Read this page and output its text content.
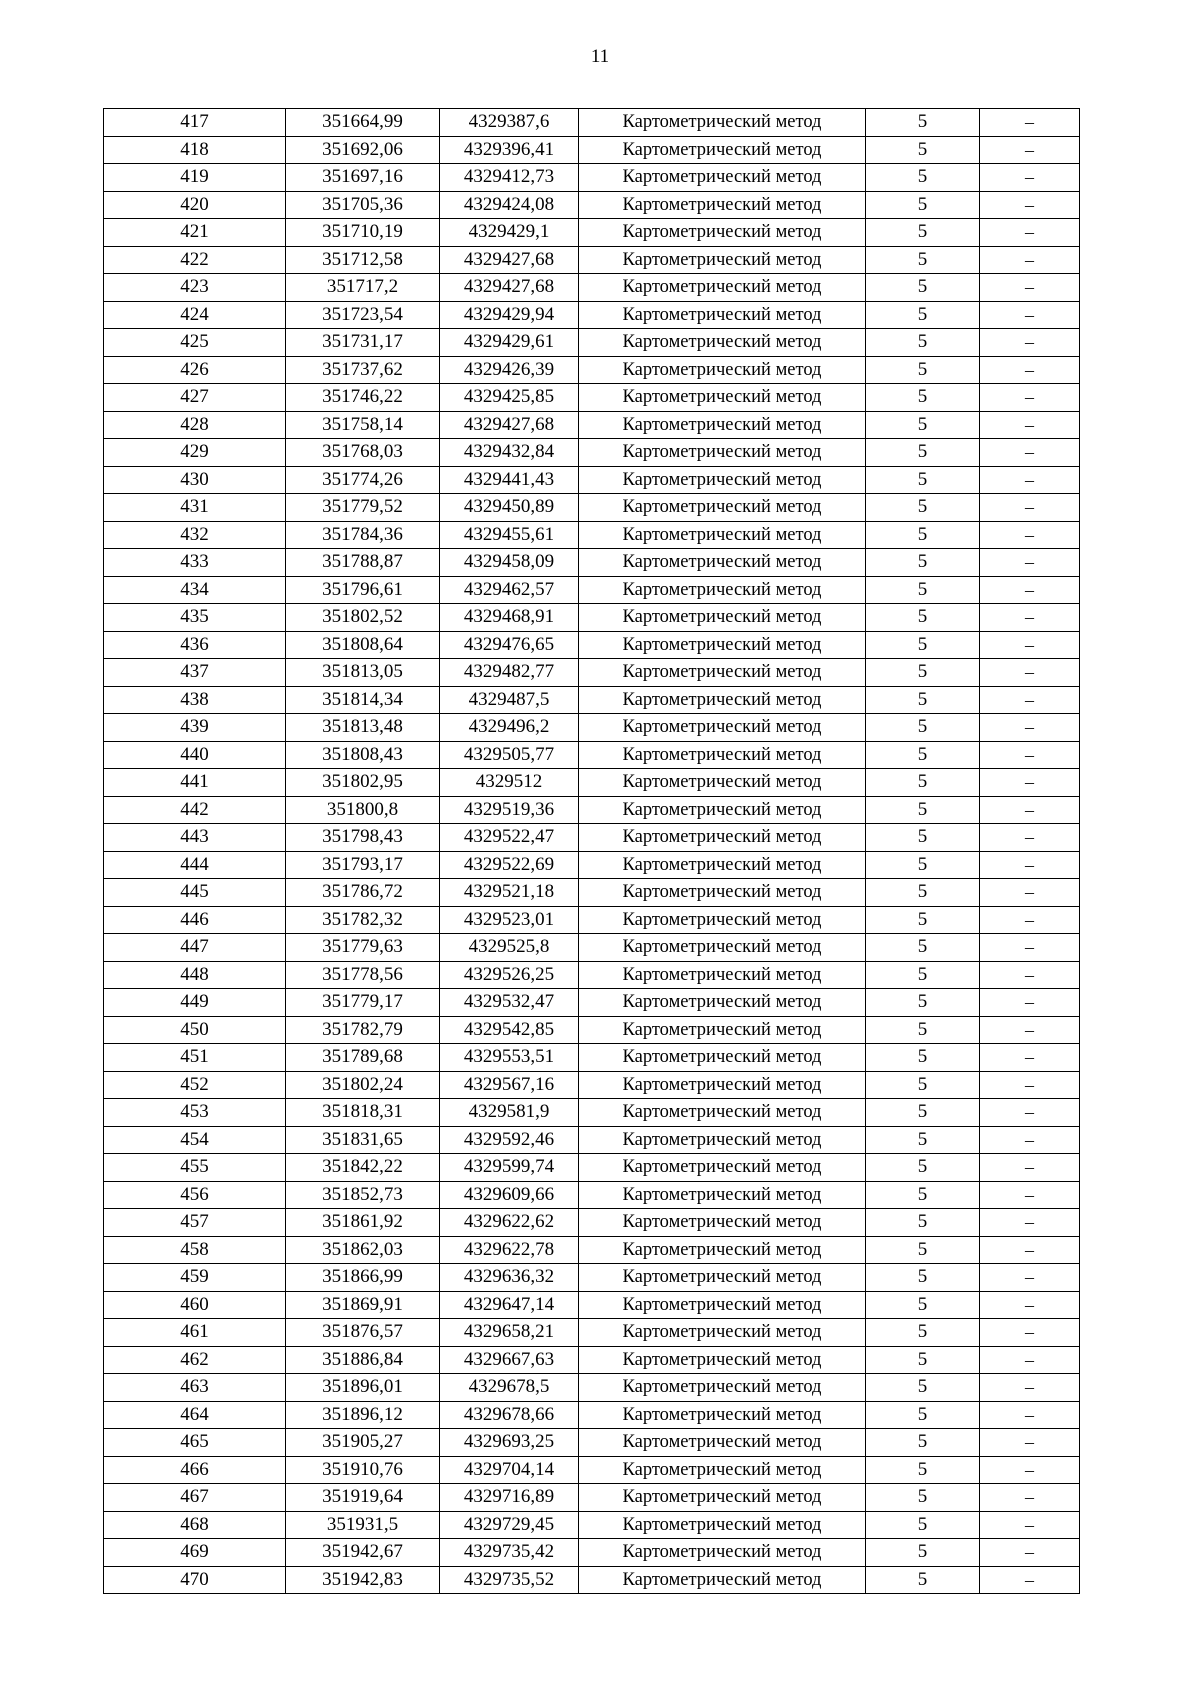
11
417	351664,99	4329387,6	Картометрический метод	5	–
418	351692,06	4329396,41	Картометрический метод	5	–
419	351697,16	4329412,73	Картометрический метод	5	–
420	351705,36	4329424,08	Картометрический метод	5	–
421	351710,19	4329429,1	Картометрический метод	5	–
422	351712,58	4329427,68	Картометрический метод	5	–
423	351717,2	4329427,68	Картометрический метод	5	–
424	351723,54	4329429,94	Картометрический метод	5	–
425	351731,17	4329429,61	Картометрический метод	5	–
426	351737,62	4329426,39	Картометрический метод	5	–
427	351746,22	4329425,85	Картометрический метод	5	–
428	351758,14	4329427,68	Картометрический метод	5	–
429	351768,03	4329432,84	Картометрический метод	5	–
430	351774,26	4329441,43	Картометрический метод	5	–
431	351779,52	4329450,89	Картометрический метод	5	–
432	351784,36	4329455,61	Картометрический метод	5	–
433	351788,87	4329458,09	Картометрический метод	5	–
434	351796,61	4329462,57	Картометрический метод	5	–
435	351802,52	4329468,91	Картометрический метод	5	–
436	351808,64	4329476,65	Картометрический метод	5	–
437	351813,05	4329482,77	Картометрический метод	5	–
438	351814,34	4329487,5	Картометрический метод	5	–
439	351813,48	4329496,2	Картометрический метод	5	–
440	351808,43	4329505,77	Картометрический метод	5	–
441	351802,95	4329512	Картометрический метод	5	–
442	351800,8	4329519,36	Картометрический метод	5	–
443	351798,43	4329522,47	Картометрический метод	5	–
444	351793,17	4329522,69	Картометрический метод	5	–
445	351786,72	4329521,18	Картометрический метод	5	–
446	351782,32	4329523,01	Картометрический метод	5	–
447	351779,63	4329525,8	Картометрический метод	5	–
448	351778,56	4329526,25	Картометрический метод	5	–
449	351779,17	4329532,47	Картометрический метод	5	–
450	351782,79	4329542,85	Картометрический метод	5	–
451	351789,68	4329553,51	Картометрический метод	5	–
452	351802,24	4329567,16	Картометрический метод	5	–
453	351818,31	4329581,9	Картометрический метод	5	–
454	351831,65	4329592,46	Картометрический метод	5	–
455	351842,22	4329599,74	Картометрический метод	5	–
456	351852,73	4329609,66	Картометрический метод	5	–
457	351861,92	4329622,62	Картометрический метод	5	–
458	351862,03	4329622,78	Картометрический метод	5	–
459	351866,99	4329636,32	Картометрический метод	5	–
460	351869,91	4329647,14	Картометрический метод	5	–
461	351876,57	4329658,21	Картометрический метод	5	–
462	351886,84	4329667,63	Картометрический метод	5	–
463	351896,01	4329678,5	Картометрический метод	5	–
464	351896,12	4329678,66	Картометрический метод	5	–
465	351905,27	4329693,25	Картометрический метод	5	–
466	351910,76	4329704,14	Картометрический метод	5	–
467	351919,64	4329716,89	Картометрический метод	5	–
468	351931,5	4329729,45	Картометрический метод	5	–
469	351942,67	4329735,42	Картометрический метод	5	–
470	351942,83	4329735,52	Картометрический метод	5	–
